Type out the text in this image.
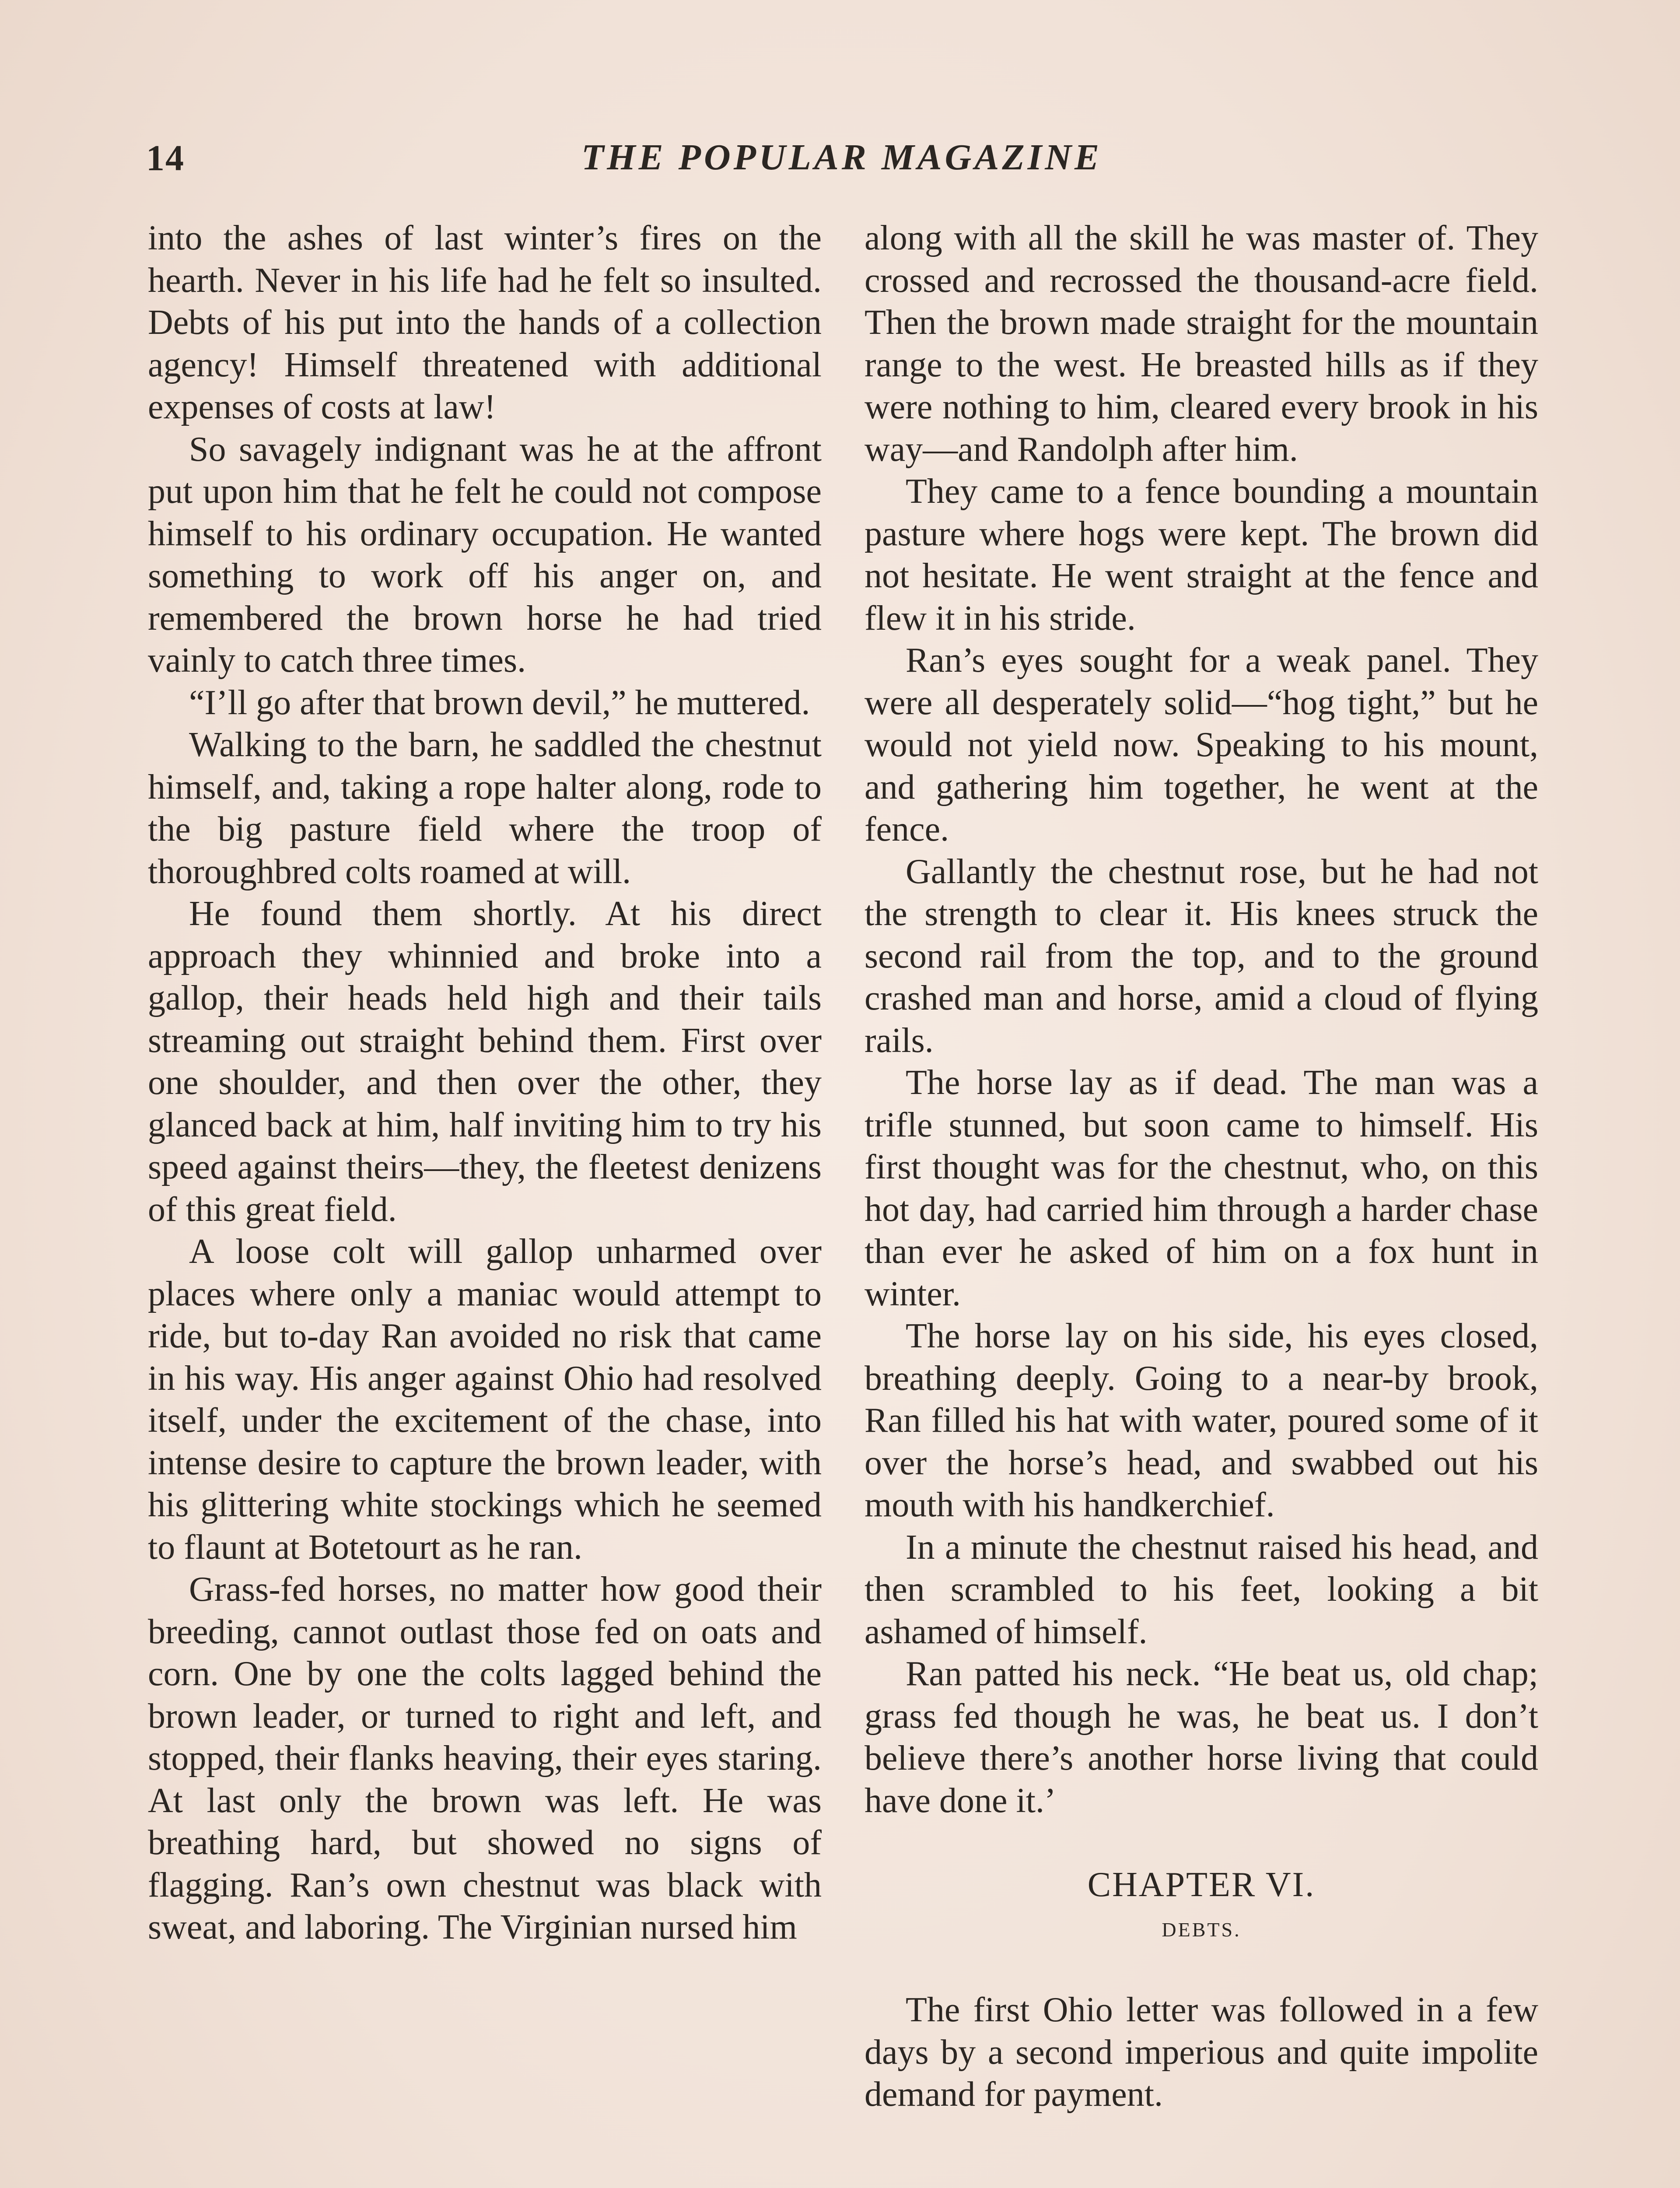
14	THE POPULAR MAGAZINE

into the ashes of last winter’s fires on the hearth. Never in his life had he felt so insulted. Debts of his put into the hands of a collection agency! Himself threatened with additional expenses of costs at law!

So savagely indignant was he at the affront put upon him that he felt he could not compose himself to his ordinary occupation. He wanted something to work off his anger on, and remembered the brown horse he had tried vainly to catch three times.

“I’ll go after that brown devil,” he muttered.

Walking to the barn, he saddled the chestnut himself, and, taking a rope halter along, rode to the big pasture field where the troop of thoroughbred colts roamed at will.

He found them shortly. At his direct approach they whinnied and broke into a gallop, their heads held high and their tails streaming out straight behind them. First over one shoulder, and then over the other, they glanced back at him, half inviting him to try his speed against theirs—they, the fleetest denizens of this great field.

A loose colt will gallop unharmed over places where only a maniac would attempt to ride, but to-day Ran avoided no risk that came in his way. His anger against Ohio had resolved itself, under the excitement of the chase, into intense desire to capture the brown leader, with his glittering white stockings which he seemed to flaunt at Botetourt as he ran.

Grass-fed horses, no matter how good their breeding, cannot outlast those fed on oats and corn. One by one the colts lagged behind the brown leader, or turned to right and left, and stopped, their flanks heaving, their eyes staring. At last only the brown was left. He was breathing hard, but showed no signs of flagging. Ran’s own chestnut was black with sweat, and laboring. The Virginian nursed him

along with all the skill he was master of. They crossed and recrossed the thousand-acre field. Then the brown made straight for the mountain range to the west. He breasted hills as if they were nothing to him, cleared every brook in his way—and Randolph after him.

They came to a fence bounding a mountain pasture where hogs were kept. The brown did not hesitate. He went straight at the fence and flew it in his stride.

Ran’s eyes sought for a weak panel. They were all desperately solid—“hog tight,” but he would not yield now. Speaking to his mount, and gathering him together, he went at the fence.

Gallantly the chestnut rose, but he had not the strength to clear it. His knees struck the second rail from the top, and to the ground crashed man and horse, amid a cloud of flying rails.

The horse lay as if dead. The man was a trifle stunned, but soon came to himself. His first thought was for the chestnut, who, on this hot day, had carried him through a harder chase than ever he asked of him on a fox hunt in winter.

The horse lay on his side, his eyes closed, breathing deeply. Going to a near-by brook, Ran filled his hat with water, poured some of it over the horse’s head, and swabbed out his mouth with his handkerchief.

In a minute the chestnut raised his head, and then scrambled to his feet, looking a bit ashamed of himself.

Ran patted his neck. “He beat us, old chap; grass fed though he was, he beat us. I don’t believe there’s another horse living that could have done it.’

CHAPTER VI.
DEBTS.

The first Ohio letter was followed in a few days by a second imperious and quite impolite demand for payment.
